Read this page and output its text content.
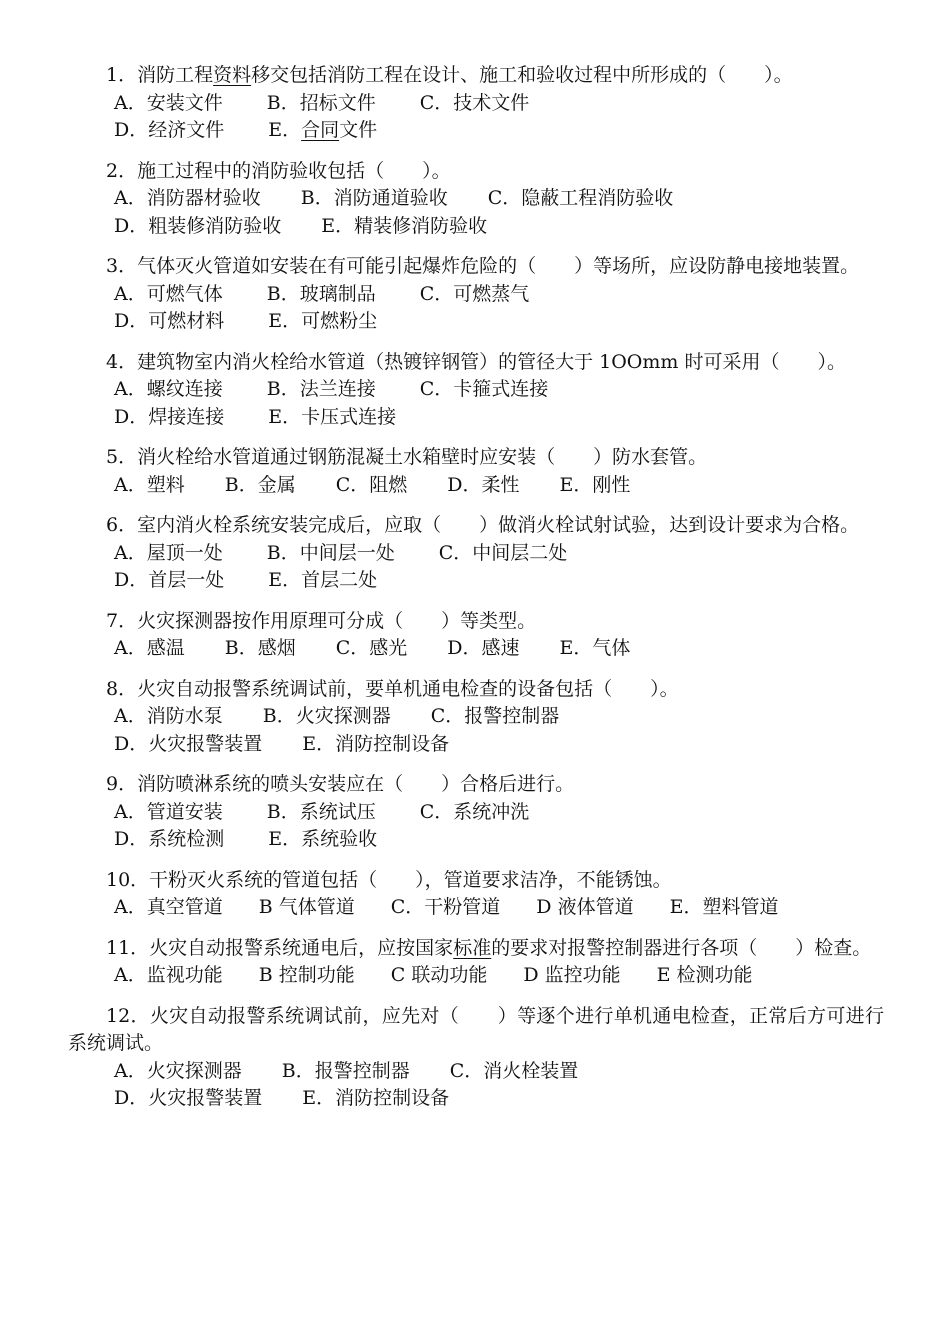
1．消防工程资料移交包括消防工程在设计、施工和验收过程中所形成的（　　）。
A．安装文件 B．招标文件 C．技术文件
D．经济文件 E．合同文件
2．施工过程中的消防验收包括（　　）。
A．消防器材验收 B．消防通道验收 C．隐蔽工程消防验收
D．粗装修消防验收 E．精装修消防验收
3．气体灭火管道如安装在有可能引起爆炸危险的（　　）等场所，应设防静电接地装置。
A．可燃气体 B．玻璃制品 C．可燃蒸气
D．可燃材料 E．可燃粉尘
4．建筑物室内消火栓给水管道（热镀锌钢管）的管径大于 1OOmm 时可采用（　　）。
A．螺纹连接 B．法兰连接 C．卡箍式连接
D．焊接连接 E．卡压式连接
5．消火栓给水管道通过钢筋混凝土水箱壁时应安装（　　）防水套管。
A．塑料 B．金属 C．阻燃 D．柔性 E．刚性
6．室内消火栓系统安装完成后，应取（　　）做消火栓试射试验，达到设计要求为合格。
A．屋顶一处 B．中间层一处 C．中间层二处
D．首层一处 E．首层二处
7．火灾探测器按作用原理可分成（　　）等类型。
A．感温 B．感烟 C．感光 D．感速 E．气体
8．火灾自动报警系统调试前，要单机通电检查的设备包括（　　）。
A．消防水泵 B．火灾探测器 C．报警控制器
D．火灾报警装置 E．消防控制设备
9．消防喷淋系统的喷头安装应在（　　）合格后进行。
A．管道安装 B．系统试压 C．系统冲洗
D．系统检测 E．系统验收
10．干粉灭火系统的管道包括（　　），管道要求洁净，不能锈蚀。
A．真空管道 B 气体管道 C．干粉管道 D 液体管道 E．塑料管道
11．火灾自动报警系统通电后，应按国家标准的要求对报警控制器进行各项（　　）检查。
A．监视功能 B 控制功能 C 联动功能 D 监控功能 E 检测功能
12．火灾自动报警系统调试前，应先对（　　）等逐个进行单机通电检查，正常后方可进行系统调试。
A．火灾探测器 B．报警控制器 C．消火栓装置
D．火灾报警装置 E．消防控制设备
